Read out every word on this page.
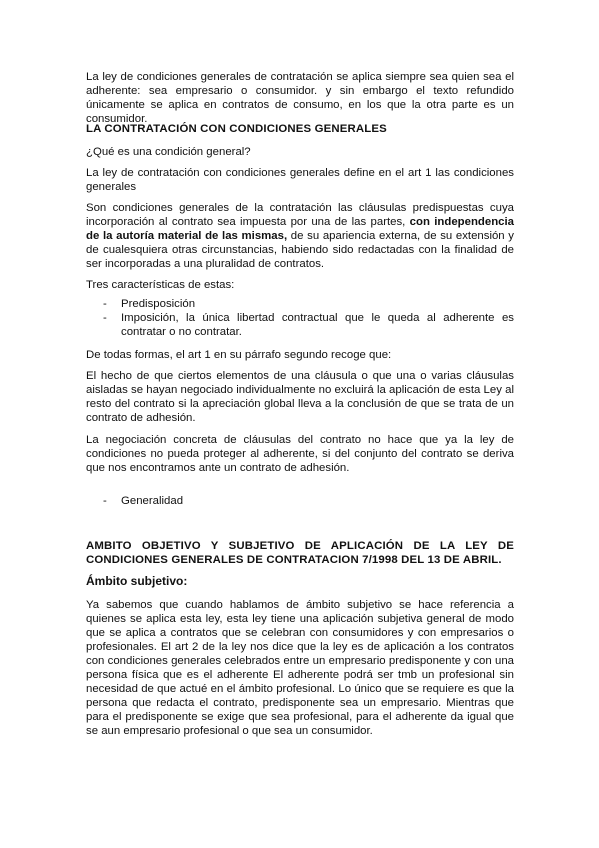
La ley de condiciones generales de contratación se aplica siempre sea quien sea el adherente: sea empresario o consumidor. y sin embargo el texto refundido únicamente se aplica en contratos de consumo, en los que la otra parte es un consumidor.

LA CONTRATACIÓN CON CONDICIONES GENERALES

¿Qué es una condición general?

La ley de contratación con condiciones generales define en el art 1 las condiciones generales

Son condiciones generales de la contratación las cláusulas predispuestas cuya incorporación al contrato sea impuesta por una de las partes, con independencia de la autoría material de las mismas, de su apariencia externa, de su extensión y de cualesquiera otras circunstancias, habiendo sido redactadas con la finalidad de ser incorporadas a una pluralidad de contratos.

Tres características de estas:

- Predisposición
- Imposición, la única libertad contractual que le queda al adherente es contratar o no contratar.

De todas formas, el art 1 en su párrafo segundo recoge que:

El hecho de que ciertos elementos de una cláusula o que una o varias cláusulas aisladas se hayan negociado individualmente no excluirá la aplicación de esta Ley al resto del contrato si la apreciación global lleva a la conclusión de que se trata de un contrato de adhesión.

La negociación concreta de cláusulas del contrato no hace que ya la ley de condiciones no pueda proteger al adherente, si del conjunto del contrato se deriva que nos encontramos ante un contrato de adhesión.

- Generalidad

AMBITO OBJETIVO Y SUBJETIVO DE APLICACIÓN DE LA LEY DE CONDICIONES GENERALES DE CONTRATACION 7/1998 DEL 13 DE ABRIL.

Ámbito subjetivo:

Ya sabemos que cuando hablamos de ámbito subjetivo se hace referencia a quienes se aplica esta ley, esta ley tiene una aplicación subjetiva general de modo que se aplica a contratos que se celebran con consumidores y con empresarios o profesionales. El art 2 de la ley nos dice que la ley es de aplicación a los contratos con condiciones generales celebrados entre un empresario predisponente y con una persona física que es el adherente El adherente podrá ser tmb un profesional sin necesidad de que actué en el ámbito profesional. Lo único que se requiere es que la persona que redacta el contrato, predisponente sea un empresario. Mientras que para el predisponente se exige que sea profesional, para el adherente da igual que se aun empresario profesional o que sea un consumidor.
